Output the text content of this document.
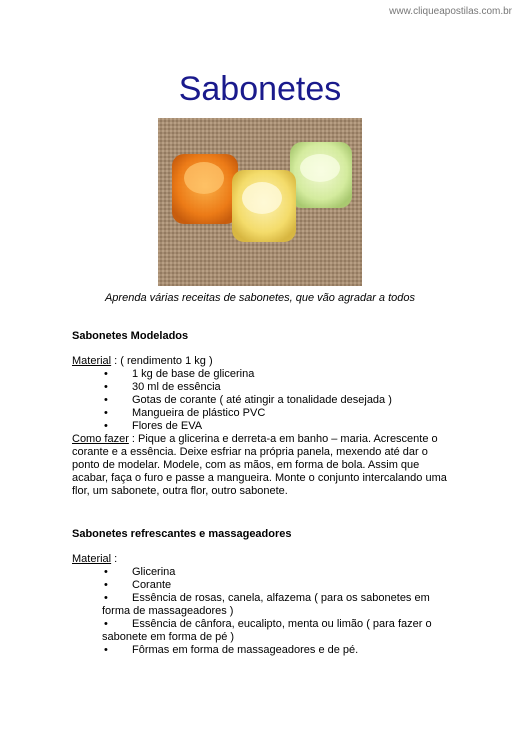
www.cliqueapostilas.com.br
Sabonetes
Aprenda várias receitas de sabonetes, que vão agradar a todos
Sabonetes Modelados
Material : ( rendimento 1 kg )
• 1 kg de base de glicerina
• 30 ml de essência
• Gotas de corante ( até atingir a tonalidade desejada )
• Mangueira de plástico PVC
• Flores de EVA

Como fazer : Pique a glicerina e derreta-a em banho – maria. Acrescente o corante e a essência. Deixe esfriar na própria panela, mexendo até dar o ponto de modelar. Modele, com as mãos, em forma de bola. Assim que acabar, faça o furo e passe a mangueira. Monte o conjunto intercalando uma flor, um sabonete, outra flor, outro sabonete.

Sabonetes refrescantes e massageadores
Material :
• Glicerina
• Corante
• Essência de rosas, canela, alfazema ( para os sabonetes em forma de massageadores )
• Essência de cânfora, eucalipto, menta ou limão ( para fazer o sabonete em forma de pé )
• Fôrmas em forma de massageadores e de pé.
